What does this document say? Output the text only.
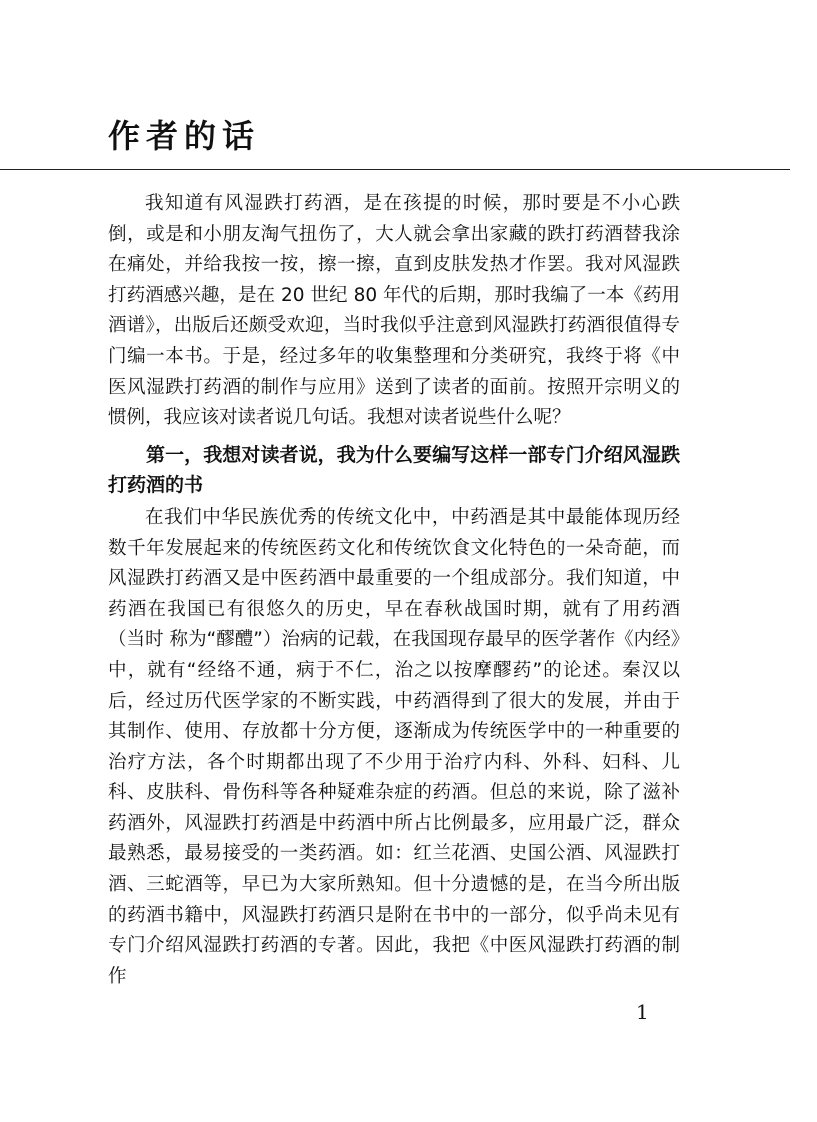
作者的话

我知道有风湿跌打药酒，是在孩提的时候，那时要是不小心跌倒，或是和小朋友淘气扭伤了，大人就会拿出家藏的跌打药酒替我涂在痛处，并给我按一按，擦一擦，直到皮肤发热才作罢。我对风湿跌打药酒感兴趣，是在 20 世纪 80 年代的后期，那时我编了一本《药用酒谱》，出版后还颇受欢迎，当时我似乎注意到风湿跌打药酒很值得专门编一本书。于是，经过多年的收集整理和分类研究，我终于将《中医风湿跌打药酒的制作与应用》送到了读者的面前。按照开宗明义的惯例，我应该对读者说几句话。我想对读者说些什么呢？

第一，我想对读者说，我为什么要编写这样一部专门介绍风湿跌打药酒的书

在我们中华民族优秀的传统文化中，中药酒是其中最能体现历经数千年发展起来的传统医药文化和传统饮食文化特色的一朵奇葩，而风湿跌打药酒又是中医药酒中最重要的一个组成部分。我们知道，中药酒在我国已有很悠久的历史，早在春秋战国时期，就有了用药酒（当时 称为“醪醴”）治病的记载，在我国现存最早的医学著作《内经》中，就有“经络不通，病于不仁，治之以按摩醪药”的论述。秦汉以后，经过历代医学家的不断实践，中药酒得到了很大的发展，并由于其制作、使用、存放都十分方便，逐渐成为传统医学中的一种重要的治疗方法，各个时期都出现了不少用于治疗内科、外科、妇科、儿科、皮肤科、骨伤科等各种疑难杂症的药酒。但总的来说，除了滋补药酒外，风湿跌打药酒是中药酒中所占比例最多，应用最广泛，群众最熟悉，最易接受的一类药酒。如：红兰花酒、史国公酒、风湿跌打酒、三蛇酒等，早已为大家所熟知。但十分遗憾的是，在当今所出版的药酒书籍中，风湿跌打药酒只是附在书中的一部分，似乎尚未见有专门介绍风湿跌打药酒的专著。因此，我把《中医风湿跌打药酒的制作

1
